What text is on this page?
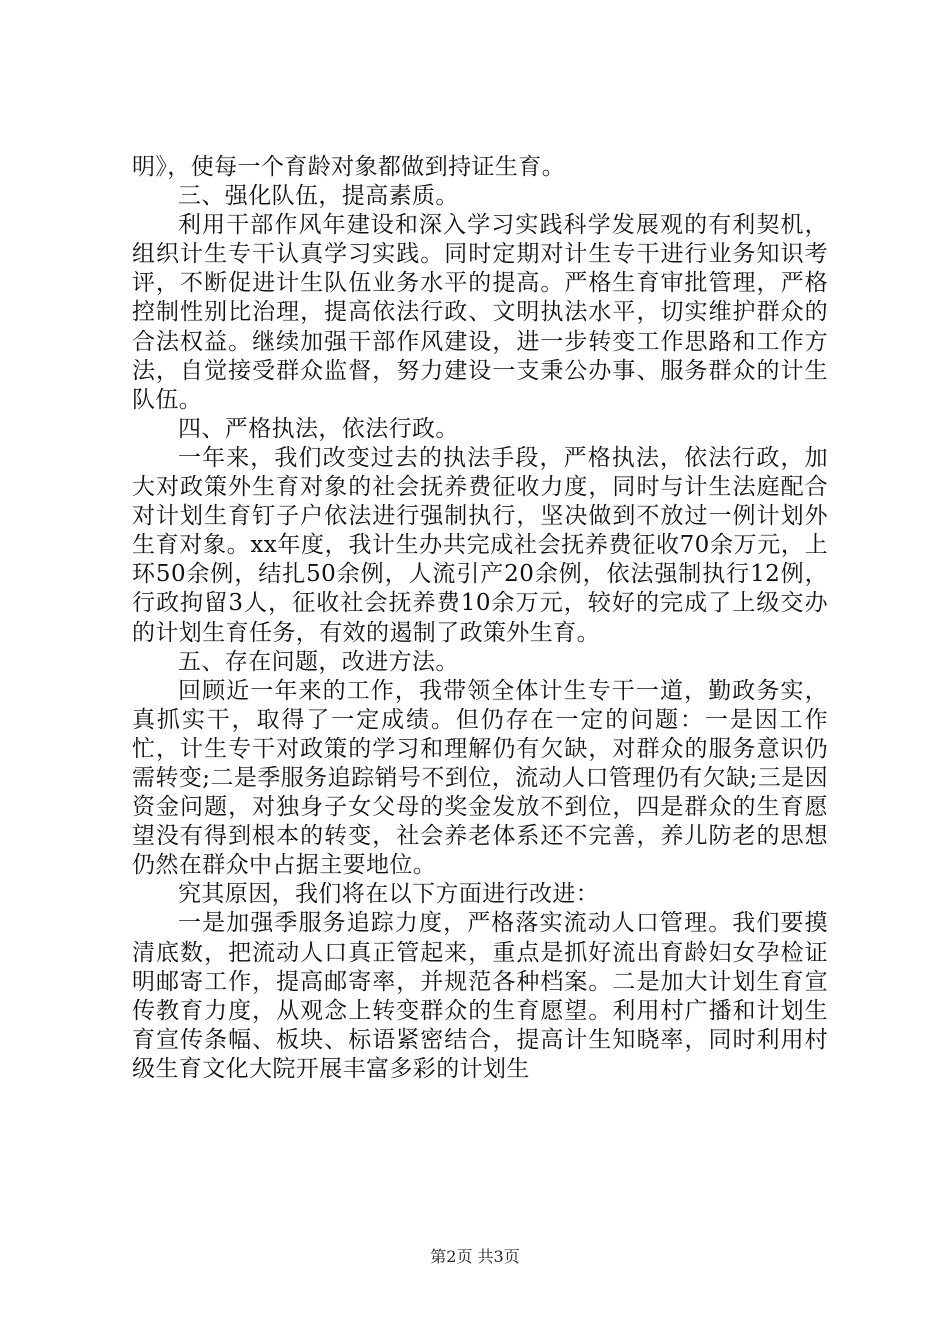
明》，使每一个育龄对象都做到持证生育。

三、强化队伍，提高素质。

利用干部作风年建设和深入学习实践科学发展观的有利契机，组织计生专干认真学习实践。同时定期对计生专干进行业务知识考评，不断促进计生队伍业务水平的提高。严格生育审批管理，严格控制性别比治理，提高依法行政、文明执法水平，切实维护群众的合法权益。继续加强干部作风建设，进一步转变工作思路和工作方法，自觉接受群众监督，努力建设一支秉公办事、服务群众的计生队伍。

四、严格执法，依法行政。

一年来，我们改变过去的执法手段，严格执法，依法行政，加大对政策外生育对象的社会抚养费征收力度，同时与计生法庭配合对计划生育钉子户依法进行强制执行，坚决做到不放过一例计划外生育对象。xx年度，我计生办共完成社会抚养费征收70余万元，上环50余例，结扎50余例，人流引产20余例，依法强制执行12例，行政拘留3人，征收社会抚养费10余万元，较好的完成了上级交办的计划生育任务，有效的遏制了政策外生育。

五、存在问题，改进方法。

回顾近一年来的工作，我带领全体计生专干一道，勤政务实，真抓实干，取得了一定成绩。但仍存在一定的问题：一是因工作忙，计生专干对政策的学习和理解仍有欠缺，对群众的服务意识仍需转变;二是季服务追踪销号不到位，流动人口管理仍有欠缺;三是因资金问题，对独身子女父母的奖金发放不到位，四是群众的生育愿望没有得到根本的转变，社会养老体系还不完善，养儿防老的思想仍然在群众中占据主要地位。

究其原因，我们将在以下方面进行改进：

一是加强季服务追踪力度，严格落实流动人口管理。我们要摸清底数，把流动人口真正管起来，重点是抓好流出育龄妇女孕检证明邮寄工作，提高邮寄率，并规范各种档案。二是加大计划生育宣传教育力度，从观念上转变群众的生育愿望。利用村广播和计划生育宣传条幅、板块、标语紧密结合，提高计生知晓率，同时利用村级生育文化大院开展丰富多彩的计划生

第2页 共3页
